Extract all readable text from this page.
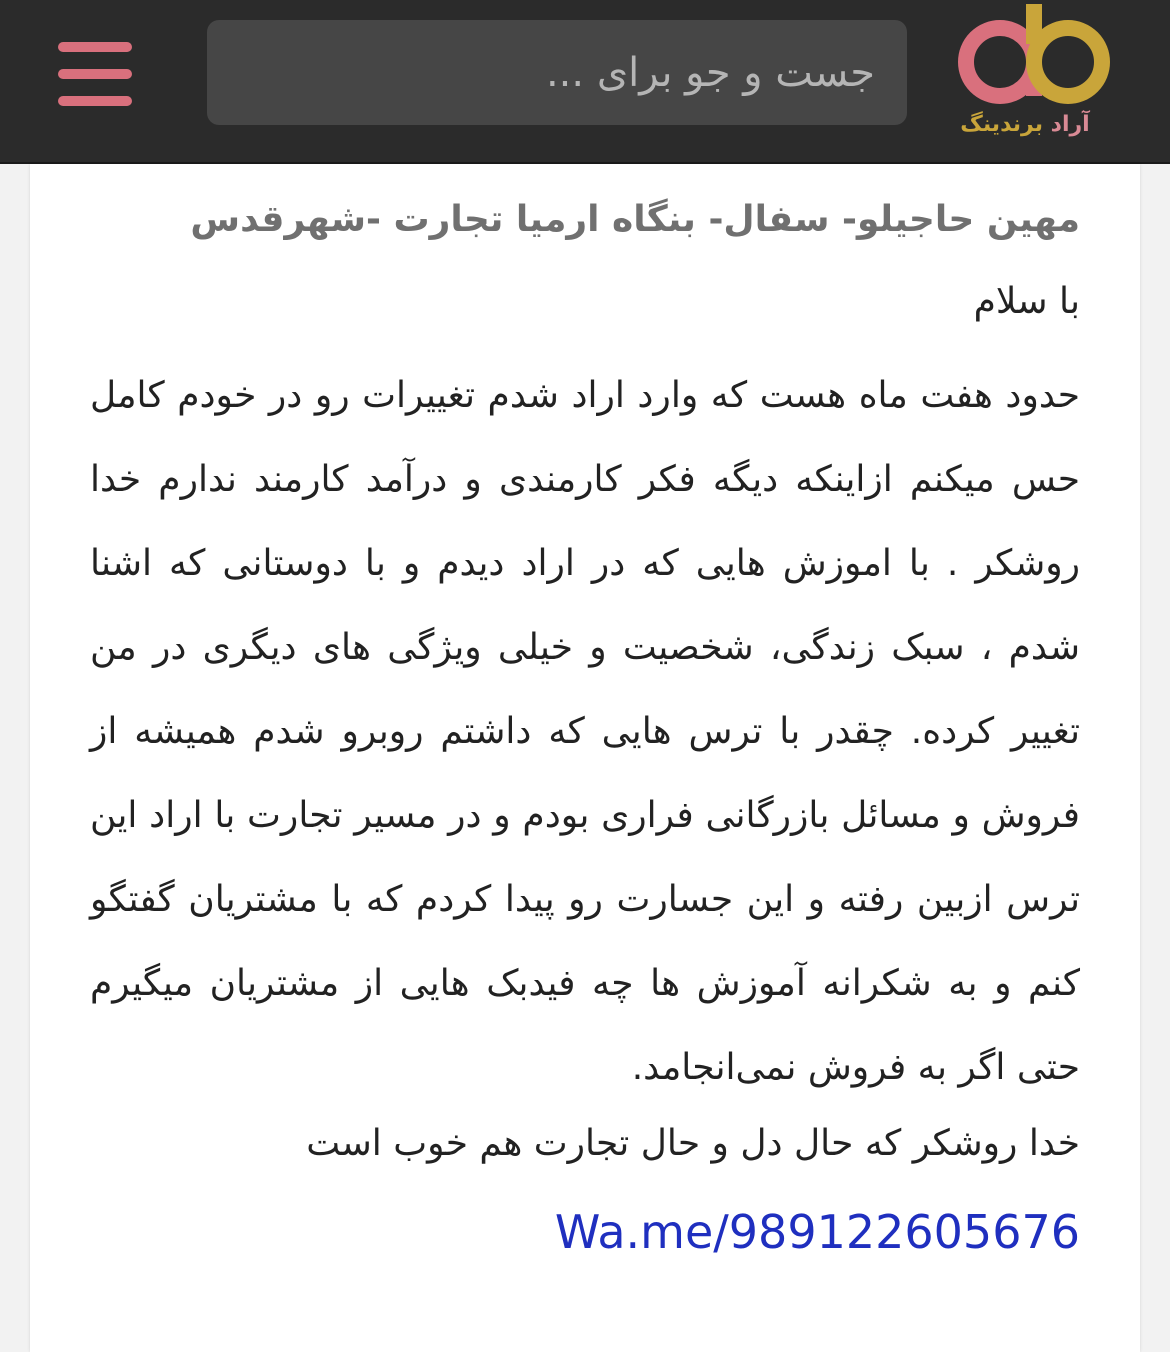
جست و جو برای ...
آراد برندینگ

مهین حاجیلو- سفال- بنگاه ارمیا تجارت -شهرقدس

با سلام

حدود هفت ماه هست که وارد اراد شدم تغییرات رو در خودم کامل حس میکنم ازاینکه دیگه فکر کارمندی و درآمد کارمند ندارم خدا روشکر . با اموزش هایی که در اراد دیدم و با دوستانی که اشنا شدم ، سبک زندگی، شخصیت و خیلی ویژگی های دیگری در من تغییر کرده. چقدر با ترس هایی که داشتم روبرو شدم همیشه از فروش و مسائل بازرگانی فراری بودم و در مسیر تجارت با اراد این ترس ازبین رفته و این جسارت رو پیدا کردم که با مشتریان گفتگو کنم و به شکرانه آموزش ها چه فیدبک هایی از مشتریان میگیرم حتی اگر به فروش نمی‌انجامد.

خدا روشکر که حال دل و حال تجارت هم خوب است

Wa.me/989122605676
